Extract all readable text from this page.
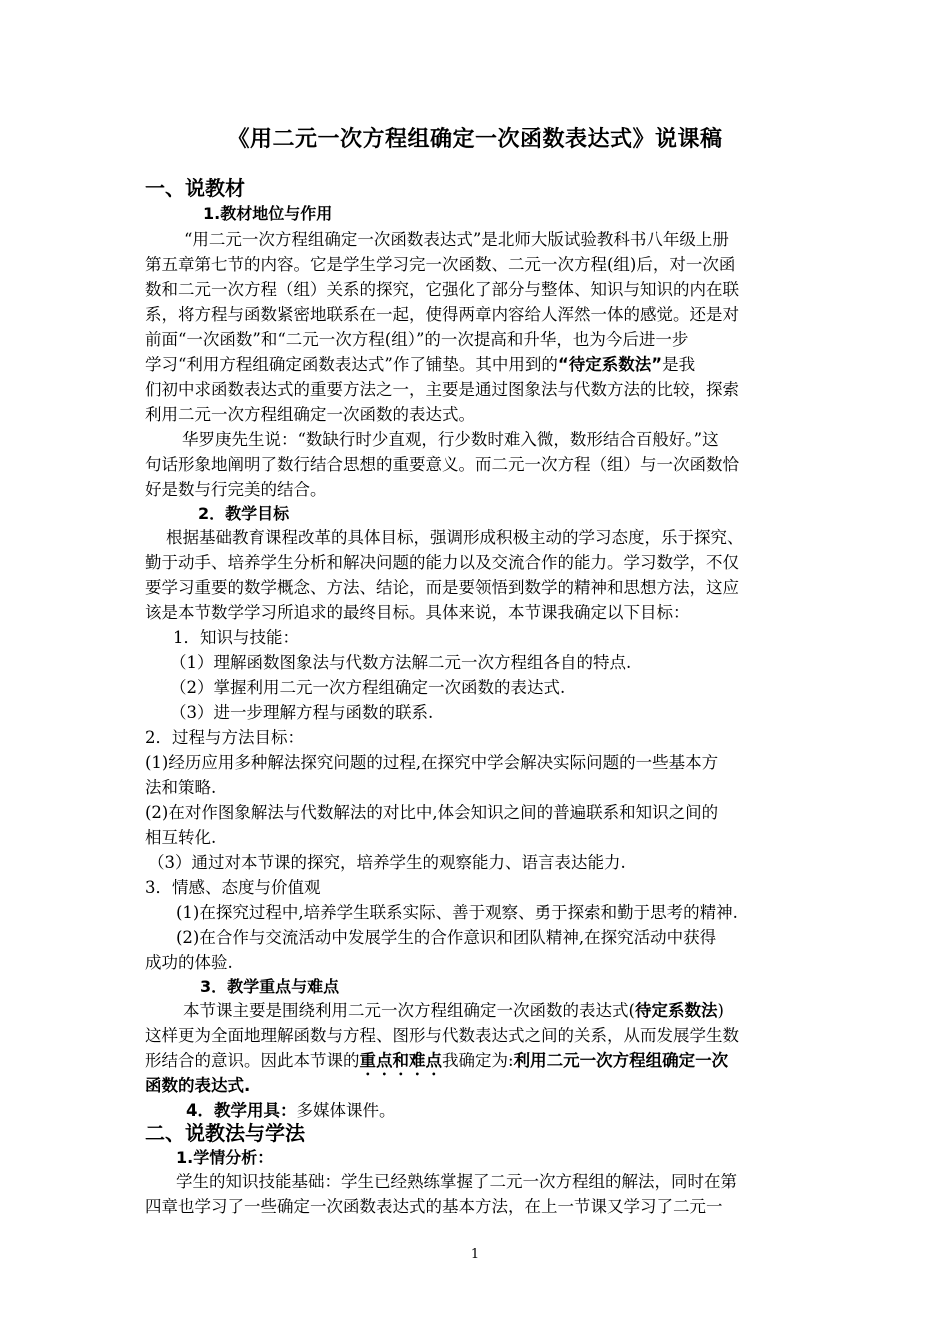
《用二元一次方程组确定一次函数表达式》说课稿
一、说教材
1.教材地位与作用
“用二元一次方程组确定一次函数表达式”是北师大版试验教科书八年级上册
第五章第七节的内容。它是学生学习完一次函数、二元一次方程(组)后，对一次函
数和二元一次方程（组）关系的探究，它强化了部分与整体、知识与知识的内在联
系，将方程与函数紧密地联系在一起，使得两章内容给人浑然一体的感觉。还是对
前面“一次函数”和“二元一次方程(组）”的一次提高和升华，也为今后进一步
学习“利用方程组确定函数表达式”作了铺垫。其中用到的“待定系数法”是我
们初中求函数表达式的重要方法之一，主要是通过图象法与代数方法的比较，探索
利用二元一次方程组确定一次函数的表达式。
华罗庚先生说：“数缺行时少直观，行少数时难入微，数形结合百般好。”这
句话形象地阐明了数行结合思想的重要意义。而二元一次方程（组）与一次函数恰
好是数与行完美的结合。
2．教学目标
根据基础教育课程改革的具体目标，强调形成积极主动的学习态度，乐于探究、
勤于动手、培养学生分析和解决问题的能力以及交流合作的能力。学习数学，不仅
要学习重要的数学概念、方法、结论，而是要领悟到数学的精神和思想方法，这应
该是本节数学学习所追求的最终目标。具体来说，本节课我确定以下目标：
1．知识与技能：
（1）理解函数图象法与代数方法解二元一次方程组各自的特点.
（2）掌握利用二元一次方程组确定一次函数的表达式.
（3）进一步理解方程与函数的联系.
2．过程与方法目标：
(1)经历应用多种解法探究问题的过程,在探究中学会解决实际问题的一些基本方
法和策略.
(2)在对作图象解法与代数解法的对比中,体会知识之间的普遍联系和知识之间的
相互转化.
（3）通过对本节课的探究，培养学生的观察能力、语言表达能力.
3．情感、态度与价值观
(1)在探究过程中,培养学生联系实际、善于观察、勇于探索和勤于思考的精神.
(2)在合作与交流活动中发展学生的合作意识和团队精神,在探究活动中获得
成功的体验.
3．教学重点与难点
本节课主要是围绕利用二元一次方程组确定一次函数的表达式(待定系数法)
这样更为全面地理解函数与方程、图形与代数表达式之间的关系，从而发展学生数
形结合的意识。因此本节课的重点和难点我确定为:利用二元一次方程组确定一次
函数的表达式.
4．教学用具：多媒体课件。
二、说教法与学法
1.学情分析：
学生的知识技能基础：学生已经熟练掌握了二元一次方程组的解法，同时在第
四章也学习了一些确定一次函数表达式的基本方法，在上一节课又学习了二元一
1
